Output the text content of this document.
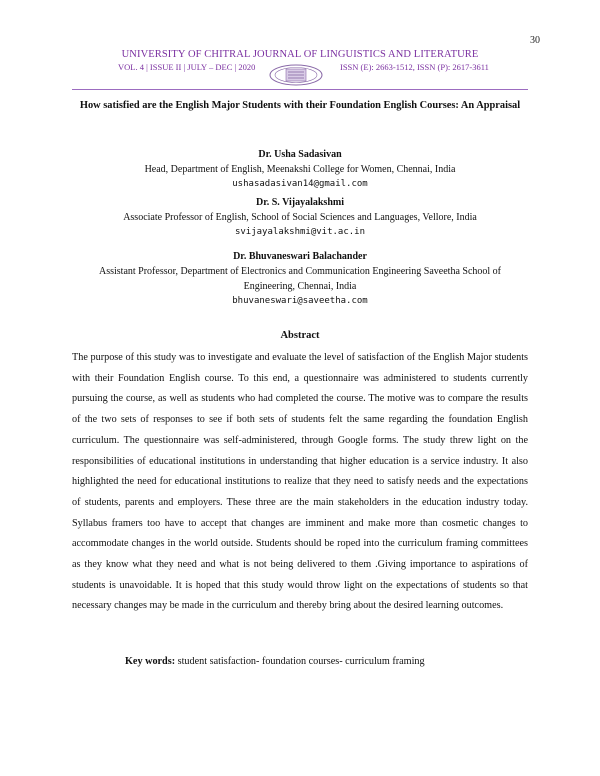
30
UNIVERSITY OF CHITRAL JOURNAL OF LINGUISTICS AND LITERATURE
VOL. 4 | ISSUE II | JULY – DEC | 2020	ISSN (E): 2663-1512, ISSN (P): 2617-3611
How satisfied are the English Major Students with their Foundation English Courses: An Appraisal
Dr. Usha Sadasivan
Head, Department of English, Meenakshi College for Women, Chennai, India
ushasadasivan14@gmail.com
Dr. S. Vijayalakshmi
Associate Professor of English, School of Social Sciences and Languages, Vellore, India
svijayalakshmi@vit.ac.in
Dr. Bhuvaneswari Balachander
Assistant Professor, Department of Electronics and Communication Engineering Saveetha School of Engineering, Chennai, India
bhuvaneswari@saveetha.com
Abstract

The purpose of this study was to investigate and evaluate the level of satisfaction of the English Major students with their Foundation English course. To this end, a questionnaire was administered to students currently pursuing the course, as well as students who had completed the course. The motive was to compare the results of the two sets of responses to see if both sets of students felt the same regarding the foundation English curriculum. The questionnaire was self-administered, through Google forms. The study threw light on the responsibilities of educational institutions in understanding that higher education is a service industry. It also highlighted the need for educational institutions to realize that they need to satisfy needs and the expectations of students, parents and employers. These three are the main stakeholders in the education industry today. Syllabus framers too have to accept that changes are imminent and make more than cosmetic changes to accommodate changes in the world outside. Students should be roped into the curriculum framing committees as they know what they need and what is not being delivered to them .Giving importance to aspirations of students is unavoidable. It is hoped that this study would throw light on the expectations of students so that necessary changes may be made in the curriculum and thereby bring about the desired learning outcomes.

Key words: student satisfaction- foundation courses- curriculum framing
